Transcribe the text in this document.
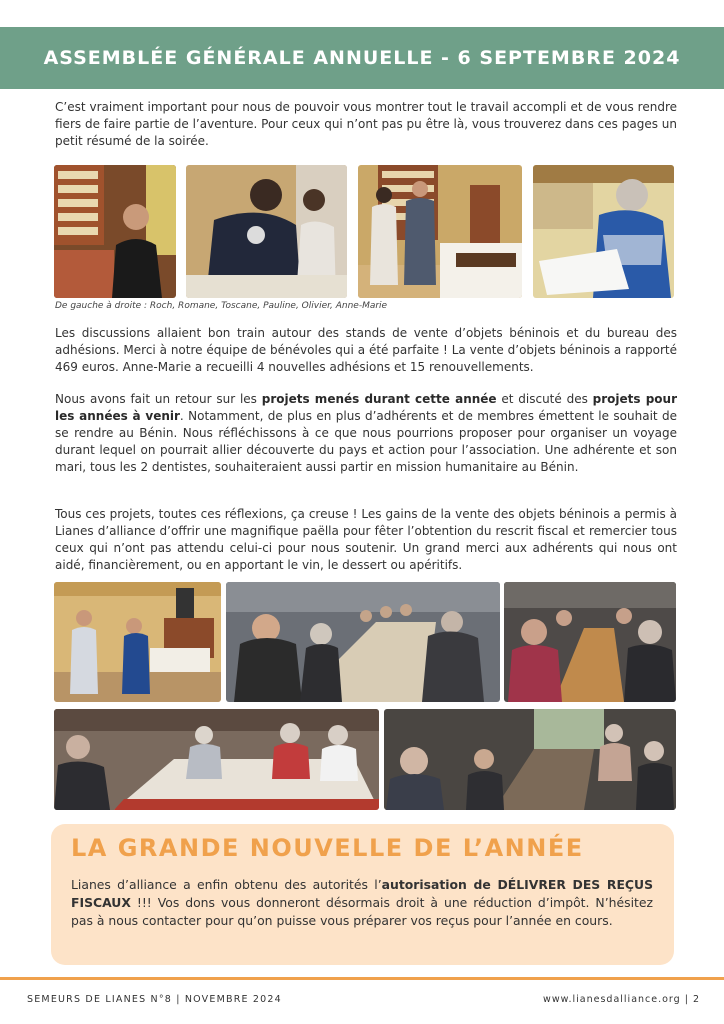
ASSEMBLÉE GÉNÉRALE ANNUELLE - 6 SEPTEMBRE 2024

C’est vraiment important pour nous de pouvoir vous montrer tout le travail accompli et de vous rendre fiers de faire partie de l’aventure. Pour ceux qui n’ont pas pu être là, vous trouverez dans ces pages un petit résumé de la soirée.

De gauche à droite : Roch, Romane, Toscane, Pauline, Olivier, Anne-Marie

Les discussions allaient bon train autour des stands de vente d’objets béninois et du bureau des adhésions. Merci à notre équipe de bénévoles qui a été parfaite ! La vente d’objets béninois a rapporté 469 euros. Anne-Marie a recueilli 4 nouvelles adhésions et 15 renouvellements.

Nous avons fait un retour sur les projets menés durant cette année et discuté des projets pour les années à venir. Notamment, de plus en plus d’adhérents et de membres émettent le souhait de se rendre au Bénin. Nous réfléchissons à ce que nous pourrions proposer pour organiser un voyage durant lequel on pourrait allier découverte du pays et action pour l’association. Une adhérente et son mari, tous les 2 dentistes, souhaiteraient aussi partir en mission humanitaire au Bénin.

Tous ces projets, toutes ces réflexions, ça creuse ! Les gains de la vente des objets béninois a permis à Lianes d’alliance d’offrir une magnifique paëlla pour fêter l’obtention du rescrit fiscal et remercier tous ceux qui n’ont pas attendu celui-ci pour nous soutenir. Un grand merci aux adhérents qui nous ont aidé, financièrement, ou en apportant le vin, le dessert ou apéritifs.

LA GRANDE NOUVELLE DE L’ANNÉE

Lianes d’alliance a enfin obtenu des autorités l’autorisation de DÉLIVRER DES REÇUS FISCAUX !!! Vos dons vous donneront désormais droit à une réduction d’impôt. N’hésitez pas à nous contacter pour qu’on puisse vous préparer vos reçus pour l’année en cours.

SEMEURS DE LIANES N°8 | NOVEMBRE 2024	www.lianesdalliance.org | 2
